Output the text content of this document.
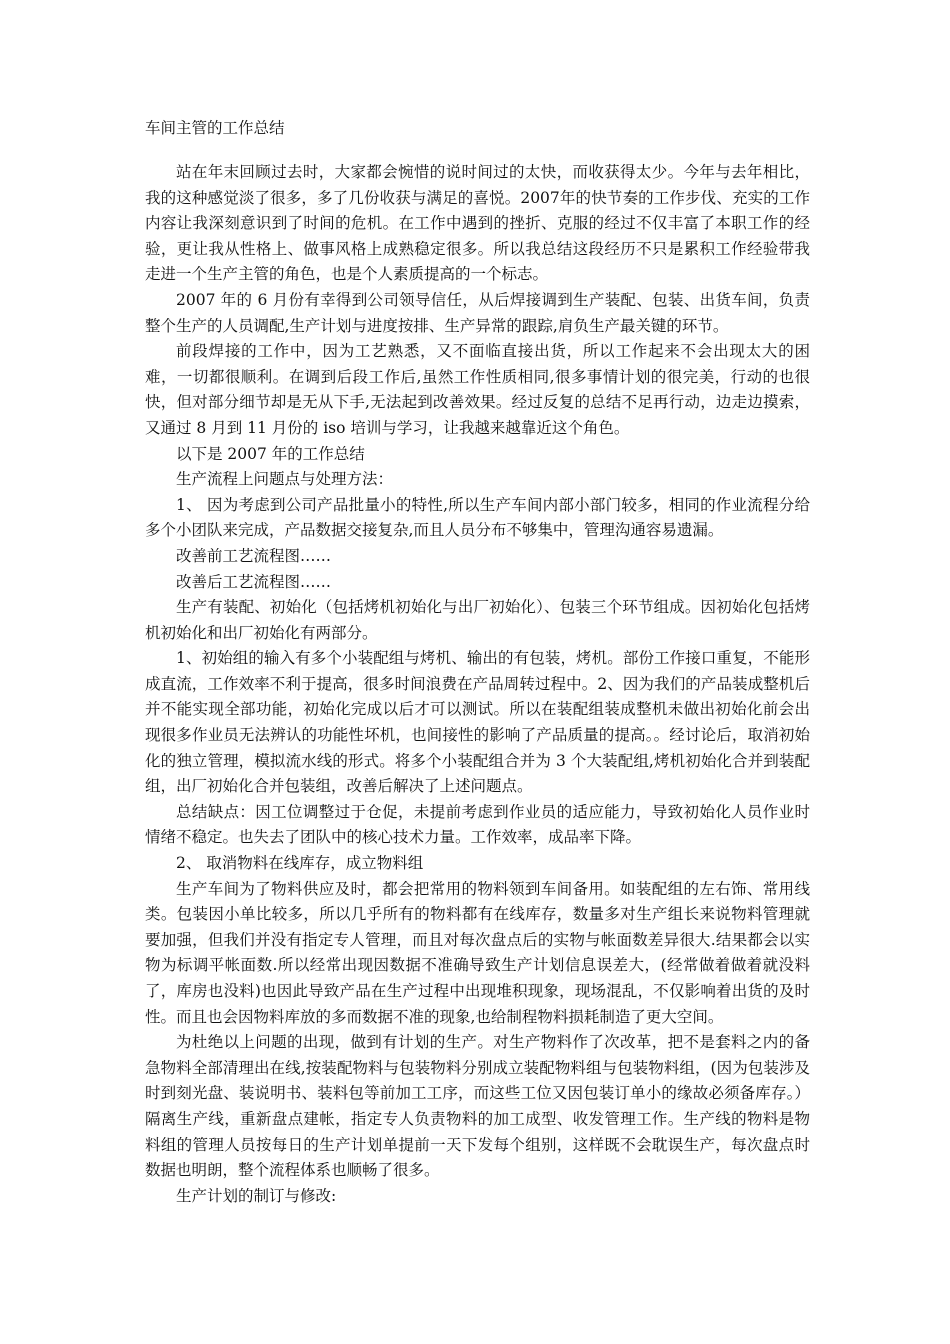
车间主管的工作总结

站在年末回顾过去时，大家都会惋惜的说时间过的太快，而收获得太少。今年与去年相比，我的这种感觉淡了很多，多了几份收获与满足的喜悦。2007年的快节奏的工作步伐、充实的工作内容让我深刻意识到了时间的危机。在工作中遇到的挫折、克服的经过不仅丰富了本职工作的经验，更让我从性格上、做事风格上成熟稳定很多。所以我总结这段经历不只是累积工作经验带我走进一个生产主管的角色，也是个人素质提高的一个标志。

2007 年的 6 月份有幸得到公司领导信任，从后焊接调到生产装配、包装、出货车间，负责整个生产的人员调配,生产计划与进度按排、生产异常的跟踪,肩负生产最关键的环节。

前段焊接的工作中，因为工艺熟悉，又不面临直接出货，所以工作起来不会出现太大的困难，一切都很顺利。在调到后段工作后,虽然工作性质相同,很多事情计划的很完美，行动的也很快，但对部分细节却是无从下手,无法起到改善效果。经过反复的总结不足再行动，边走边摸索，又通过 8 月到 11 月份的 iso 培训与学习，让我越来越靠近这个角色。

以下是 2007 年的工作总结

生产流程上问题点与处理方法：

1、 因为考虑到公司产品批量小的特性,所以生产车间内部小部门较多，相同的作业流程分给多个小团队来完成，产品数据交接复杂,而且人员分布不够集中，管理沟通容易遗漏。

改善前工艺流程图……

改善后工艺流程图……

生产有装配、初始化（包括烤机初始化与出厂初始化）、包装三个环节组成。因初始化包括烤机初始化和出厂初始化有两部分。

1、初始组的输入有多个小装配组与烤机、输出的有包装，烤机。部份工作接口重复，不能形成直流，工作效率不利于提高，很多时间浪费在产品周转过程中。2、因为我们的产品装成整机后并不能实现全部功能，初始化完成以后才可以测试。所以在装配组装成整机未做出初始化前会出现很多作业员无法辨认的功能性坏机，也间接性的影响了产品质量的提高。。经讨论后，取消初始化的独立管理，模拟流水线的形式。将多个小装配组合并为 3 个大装配组,烤机初始化合并到装配组，出厂初始化合并包装组，改善后解决了上述问题点。

总结缺点：因工位调整过于仓促，未提前考虑到作业员的适应能力，导致初始化人员作业时情绪不稳定。也失去了团队中的核心技术力量。工作效率，成品率下降。

2、 取消物料在线库存，成立物料组

生产车间为了物料供应及时，都会把常用的物料领到车间备用。如装配组的左右饰、常用线类。包装因小单比较多，所以几乎所有的物料都有在线库存，数量多对生产组长来说物料管理就要加强，但我们并没有指定专人管理，而且对每次盘点后的实物与帐面数差异很大.结果都会以实物为标调平帐面数.所以经常出现因数据不准确导致生产计划信息误差大，(经常做着做着就没料了，库房也没料)也因此导致产品在生产过程中出现堆积现象，现场混乱，不仅影响着出货的及时性。而且也会因物料库放的多而数据不准的现象,也给制程物料损耗制造了更大空间。

为杜绝以上问题的出现，做到有计划的生产。对生产物料作了次改革，把不是套料之内的备急物料全部清理出在线,按装配物料与包装物料分别成立装配物料组与包装物料组，(因为包装涉及时到刻光盘、装说明书、装料包等前加工工序，而这些工位又因包装订单小的缘故必须备库存。）隔离生产线，重新盘点建帐，指定专人负责物料的加工成型、收发管理工作。生产线的物料是物料组的管理人员按每日的生产计划单提前一天下发每个组别，这样既不会耽误生产，每次盘点时数据也明朗，整个流程体系也顺畅了很多。

生产计划的制订与修改:
